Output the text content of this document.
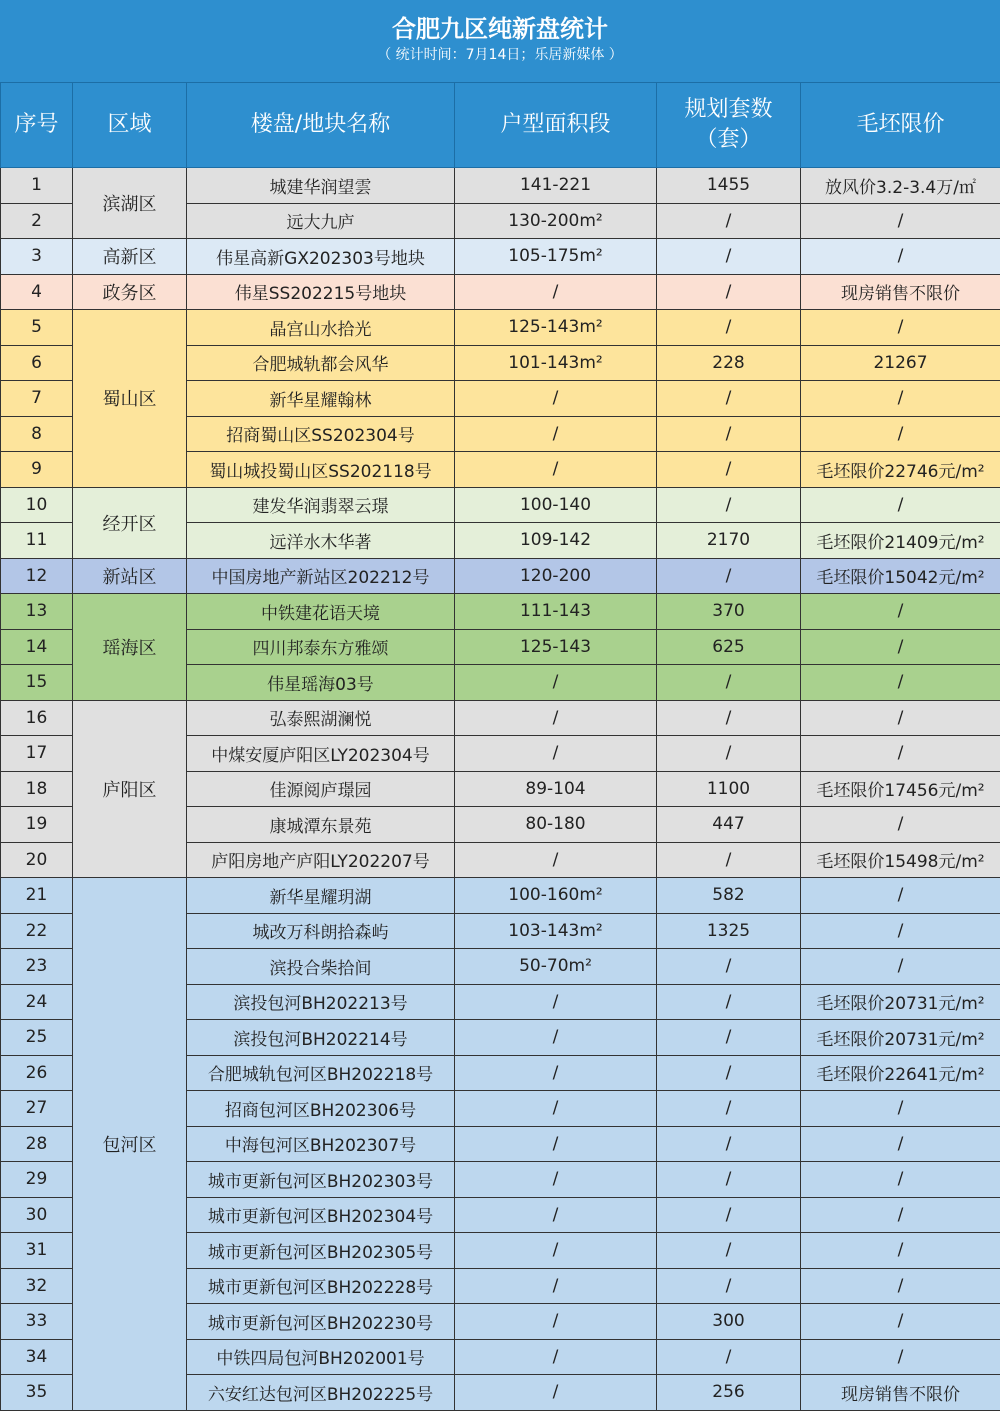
合肥九区纯新盘统计
（ 统计时间：7月14日；乐居新媒体 ）
序号	区域	楼盘/地块名称	户型面积段	规划套数（套）	毛坯限价
1	滨湖区	城建华润望雲	141-221	1455	放风价3.2-3.4万/㎡
2		远大九庐	130-200m²	/	/
3	高新区	伟星高新GX202303号地块	105-175m²	/	/
4	政务区	伟星SS202215号地块	/	/	现房销售不限价
5	蜀山区	晶宫山水拾光	125-143m²	/	/
6		合肥城轨都会风华	101-143m²	228	21267
7		新华星耀翰林	/	/	/
8		招商蜀山区SS202304号	/	/	/
9		蜀山城投蜀山区SS202118号	/	/	毛坯限价22746元/m²
10	经开区	建发华润翡翠云璟	100-140	/	/
11		远洋水木华著	109-142	2170	毛坯限价21409元/m²
12	新站区	中国房地产新站区202212号	120-200	/	毛坯限价15042元/m²
13	瑶海区	中铁建花语天境	111-143	370	/
14		四川邦泰东方雅颂	125-143	625	/
15		伟星瑶海03号	/	/	/
16	庐阳区	弘泰熙湖澜悦	/	/	/
17		中煤安厦庐阳区LY202304号	/	/	/
18		佳源阅庐璟园	89-104	1100	毛坯限价17456元/m²
19		康城潭东景苑	80-180	447	/
20		庐阳房地产庐阳LY202207号	/	/	毛坯限价15498元/m²
21	包河区	新华星耀玥湖	100-160m²	582	/
22		城改万科朗拾森屿	103-143m²	1325	/
23		滨投合柴拾间	50-70m²	/	/
24		滨投包河BH202213号	/	/	毛坯限价20731元/m²
25		滨投包河BH202214号	/	/	毛坯限价20731元/m²
26		合肥城轨包河区BH202218号	/	/	毛坯限价22641元/m²
27		招商包河区BH202306号	/	/	/
28		中海包河区BH202307号	/	/	/
29		城市更新包河区BH202303号	/	/	/
30		城市更新包河区BH202304号	/	/	/
31		城市更新包河区BH202305号	/	/	/
32		城市更新包河区BH202228号	/	/	/
33		城市更新包河区BH202230号	/	300	/
34		中铁四局包河BH202001号	/	/	/
35		六安红达包河区BH202225号	/	256	现房销售不限价
